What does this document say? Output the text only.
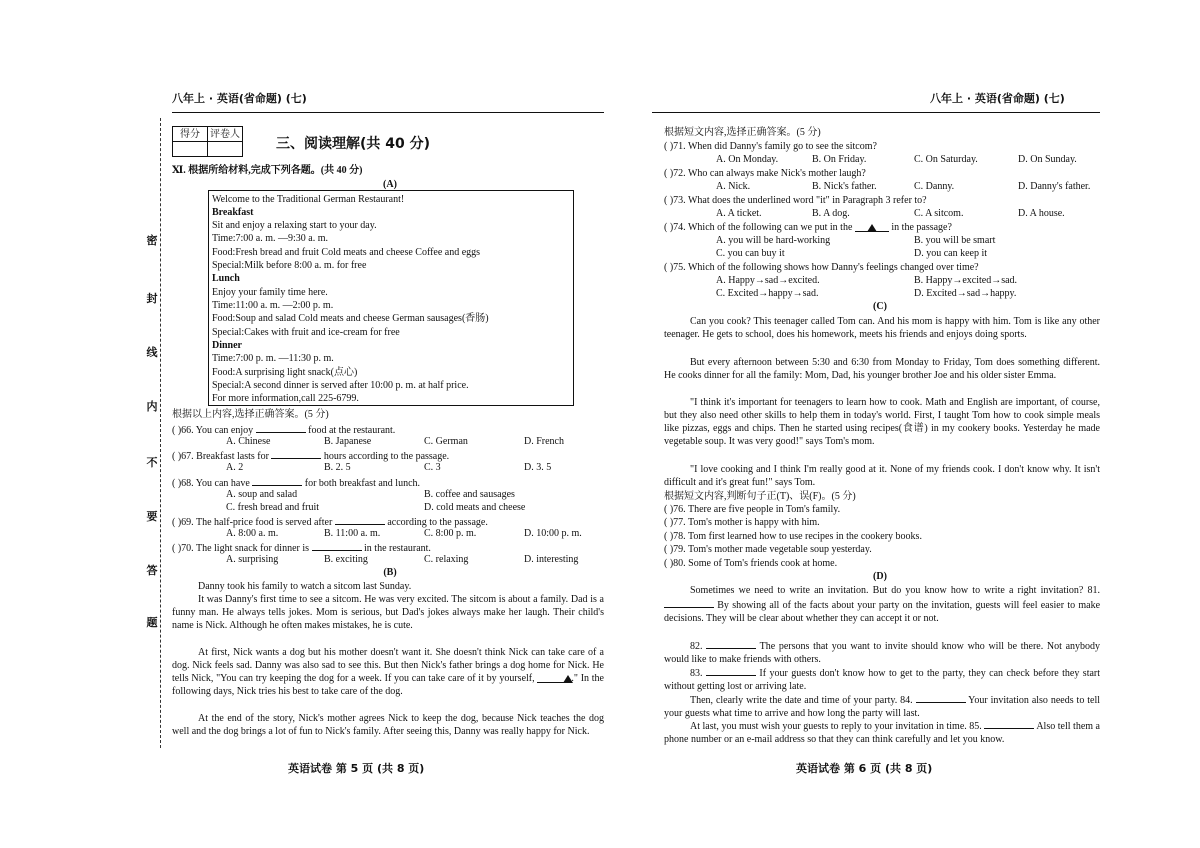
八年上 · 英语(省命题) (七)
密
封
线
内
不
要
答
题
得分	评卷人

三、阅读理解(共 40 分)
Ⅺ. 根据所给材料,完成下列各题。(共 40 分)
(A)
Welcome to the Traditional German Restaurant!
Breakfast
Sit and enjoy a relaxing start to your day.
Time:7:00 a. m. —9:30 a. m.
Food:Fresh bread and fruit Cold meats and cheese Coffee and eggs
Special:Milk before 8:00 a. m. for free
Lunch
Enjoy your family time here.
Time:11:00 a. m. —2:00 p. m.
Food:Soup and salad Cold meats and cheese German sausages(香肠)
Special:Cakes with fruit and ice-cream for free
Dinner
Time:7:00 p. m. —11:30 p. m.
Food:A surprising light snack(点心)
Special:A second dinner is served after 10:00 p. m. at half price.
For more information,call 225-6799.
根据以上内容,选择正确答案。(5 分)
( )66. You can enjoy	food at the restaurant.
A. Chinese	B. Japanese	C. German	D. French
( )67. Breakfast lasts for	hours according to the passage.
A. 2	B. 2. 5	C. 3	D. 3. 5
( )68. You can have	for both breakfast and lunch.
A. soup and salad	B. coffee and sausages
C. fresh bread and fruit	D. cold meats and cheese
( )69. The half-price food is served after	according to the passage.
A. 8:00 a. m.	B. 11:00 a. m.	C. 8:00 p. m.	D. 10:00 p. m.
( )70. The light snack for dinner is	in the restaurant.
A. surprising	B. exciting	C. relaxing	D. interesting
(B)
Danny took his family to watch a sitcom last Sunday.
It was Danny's first time to see a sitcom. He was very excited. The sitcom is about a family. Dad is a funny man. He always tells jokes. Mom is serious, but Dad's jokes always make her laugh. Their child's name is Nick. Although he often makes mistakes, he is cute.
At first, Nick wants a dog but his mother doesn't want it. She doesn't think Nick can take care of a dog. Nick feels sad. Danny was also sad to see this. But then Nick's father brings a dog home for Nick. He tells Nick, "You can try keeping the dog for a week. If you can take care of it by yourself,	." In the following days, Nick tries his best to take care of the dog.
At the end of the story, Nick's mother agrees Nick to keep the dog, because Nick teaches the dog well and the dog brings a lot of fun to Nick's family. After seeing this, Danny was really happy for Nick.
英语试卷 第 5 页 (共 8 页)
八年上 · 英语(省命题) (七)
根据短文内容,选择正确答案。(5 分)
( )71. When did Danny's family go to see the sitcom?
A. On Monday.	B. On Friday.	C. On Saturday.	D. On Sunday.
( )72. Who can always make Nick's mother laugh?
A. Nick.	B. Nick's father.	C. Danny.	D. Danny's father.
( )73. What does the underlined word "it" in Paragraph 3 refer to?
A. A ticket.	B. A dog.	C. A sitcom.	D. A house.
( )74. Which of the following can we put in the	in the passage?
A. you will be hard-working	B. you will be smart
C. you can buy it	D. you can keep it
( )75. Which of the following shows how Danny's feelings changed over time?
A. Happy→sad→excited.	B. Happy→excited→sad.
C. Excited→happy→sad.	D. Excited→sad→happy.
(C)
Can you cook? This teenager called Tom can. And his mom is happy with him. Tom is like any other teenager. He gets to school, does his homework, meets his friends and enjoys doing sports.
But every afternoon between 5:30 and 6:30 from Monday to Friday, Tom does something different. He cooks dinner for all the family: Mom, Dad, his younger brother Joe and his older sister Emma.
"I think it's important for teenagers to learn how to cook. Math and English are important, of course, but they also need other skills to help them in today's world. First, I taught Tom how to cook simple meals like pizzas, eggs and chips. Then he started using recipes(食谱) in my cookery books. Yesterday he made vegetable soup. It was very good!" says Tom's mom.
"I love cooking and I think I'm really good at it. None of my friends cook. I don't know why. It isn't difficult and it's great fun!" says Tom.
根据短文内容,判断句子正(T)、误(F)。(5 分)
( )76. There are five people in Tom's family.
( )77. Tom's mother is happy with him.
( )78. Tom first learned how to use recipes in the cookery books.
( )79. Tom's mother made vegetable soup yesterday.
( )80. Some of Tom's friends cook at home.
(D)
Sometimes we need to write an invitation. But do you know how to write a right invitation? 81.  By showing all of the facts about your party on the invitation, guests will feel easier to make decisions. They will be clear about whether they can accept it or not.
82.	The persons that you want to invite should know who will be there. Not anybody would like to make friends with others.
83.	If your guests don't know how to get to the party, they can check before they start without getting lost or arriving late.
Then, clearly write the date and time of your party. 84.	Your invitation also needs to tell your guests what time to arrive and how long the party will last.
At last, you must wish your guests to reply to your invitation in time. 85.	Also tell them a phone number or an e-mail address so that they can think carefully and let you know.
英语试卷 第 6 页 (共 8 页)
